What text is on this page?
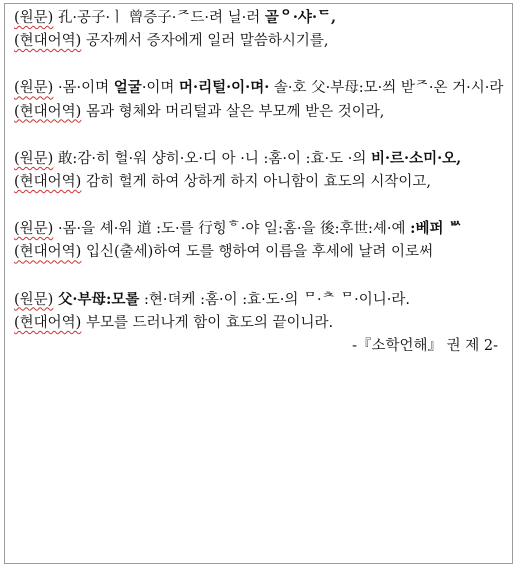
(원문) 孔·공子·ㅣ 曾증子·ᄌ드·려 닐·러 골ᄋ·샤·ᄃ,

(현대어역) 공자께서 증자에게 일러 말씀하시기를,

(원문) ·몸·이며 얼굴·이며 머·리털·이·며· 솔·호 父·부母:모·씌 받ᄌ·온 거·시·라

(현대어역) 몸과 형체와 머리털과 살은 부모께 받은 것이라,

(원문) 敢:감·히 헐·워 샹히·오·디 아 ·니 :홈·이 :효·도 ·의 비·르·소미·오,

(현대어역) 감히 헐게 하여 상하게 하지 아니함이 효도의 시작이고,

(원문) ·몸·을 셰·워 道 :도·를 行힝ᄒ·야 일:홈·을 後:후世:셰·예 :베퍼 ᄡ

(현대어역) 입신(출세)하여 도를 행하여 이름을 후세에 날려 이로써

(원문) 父·부母:모롤 :현·뎌케 :홈·이 :효·도·의 ᄆ·ᄎ ᄆ·이니·라.

(현대어역) 부모를 드러나게 함이 효도의 끝이니라.

-『소학언해』 권 제 2-
